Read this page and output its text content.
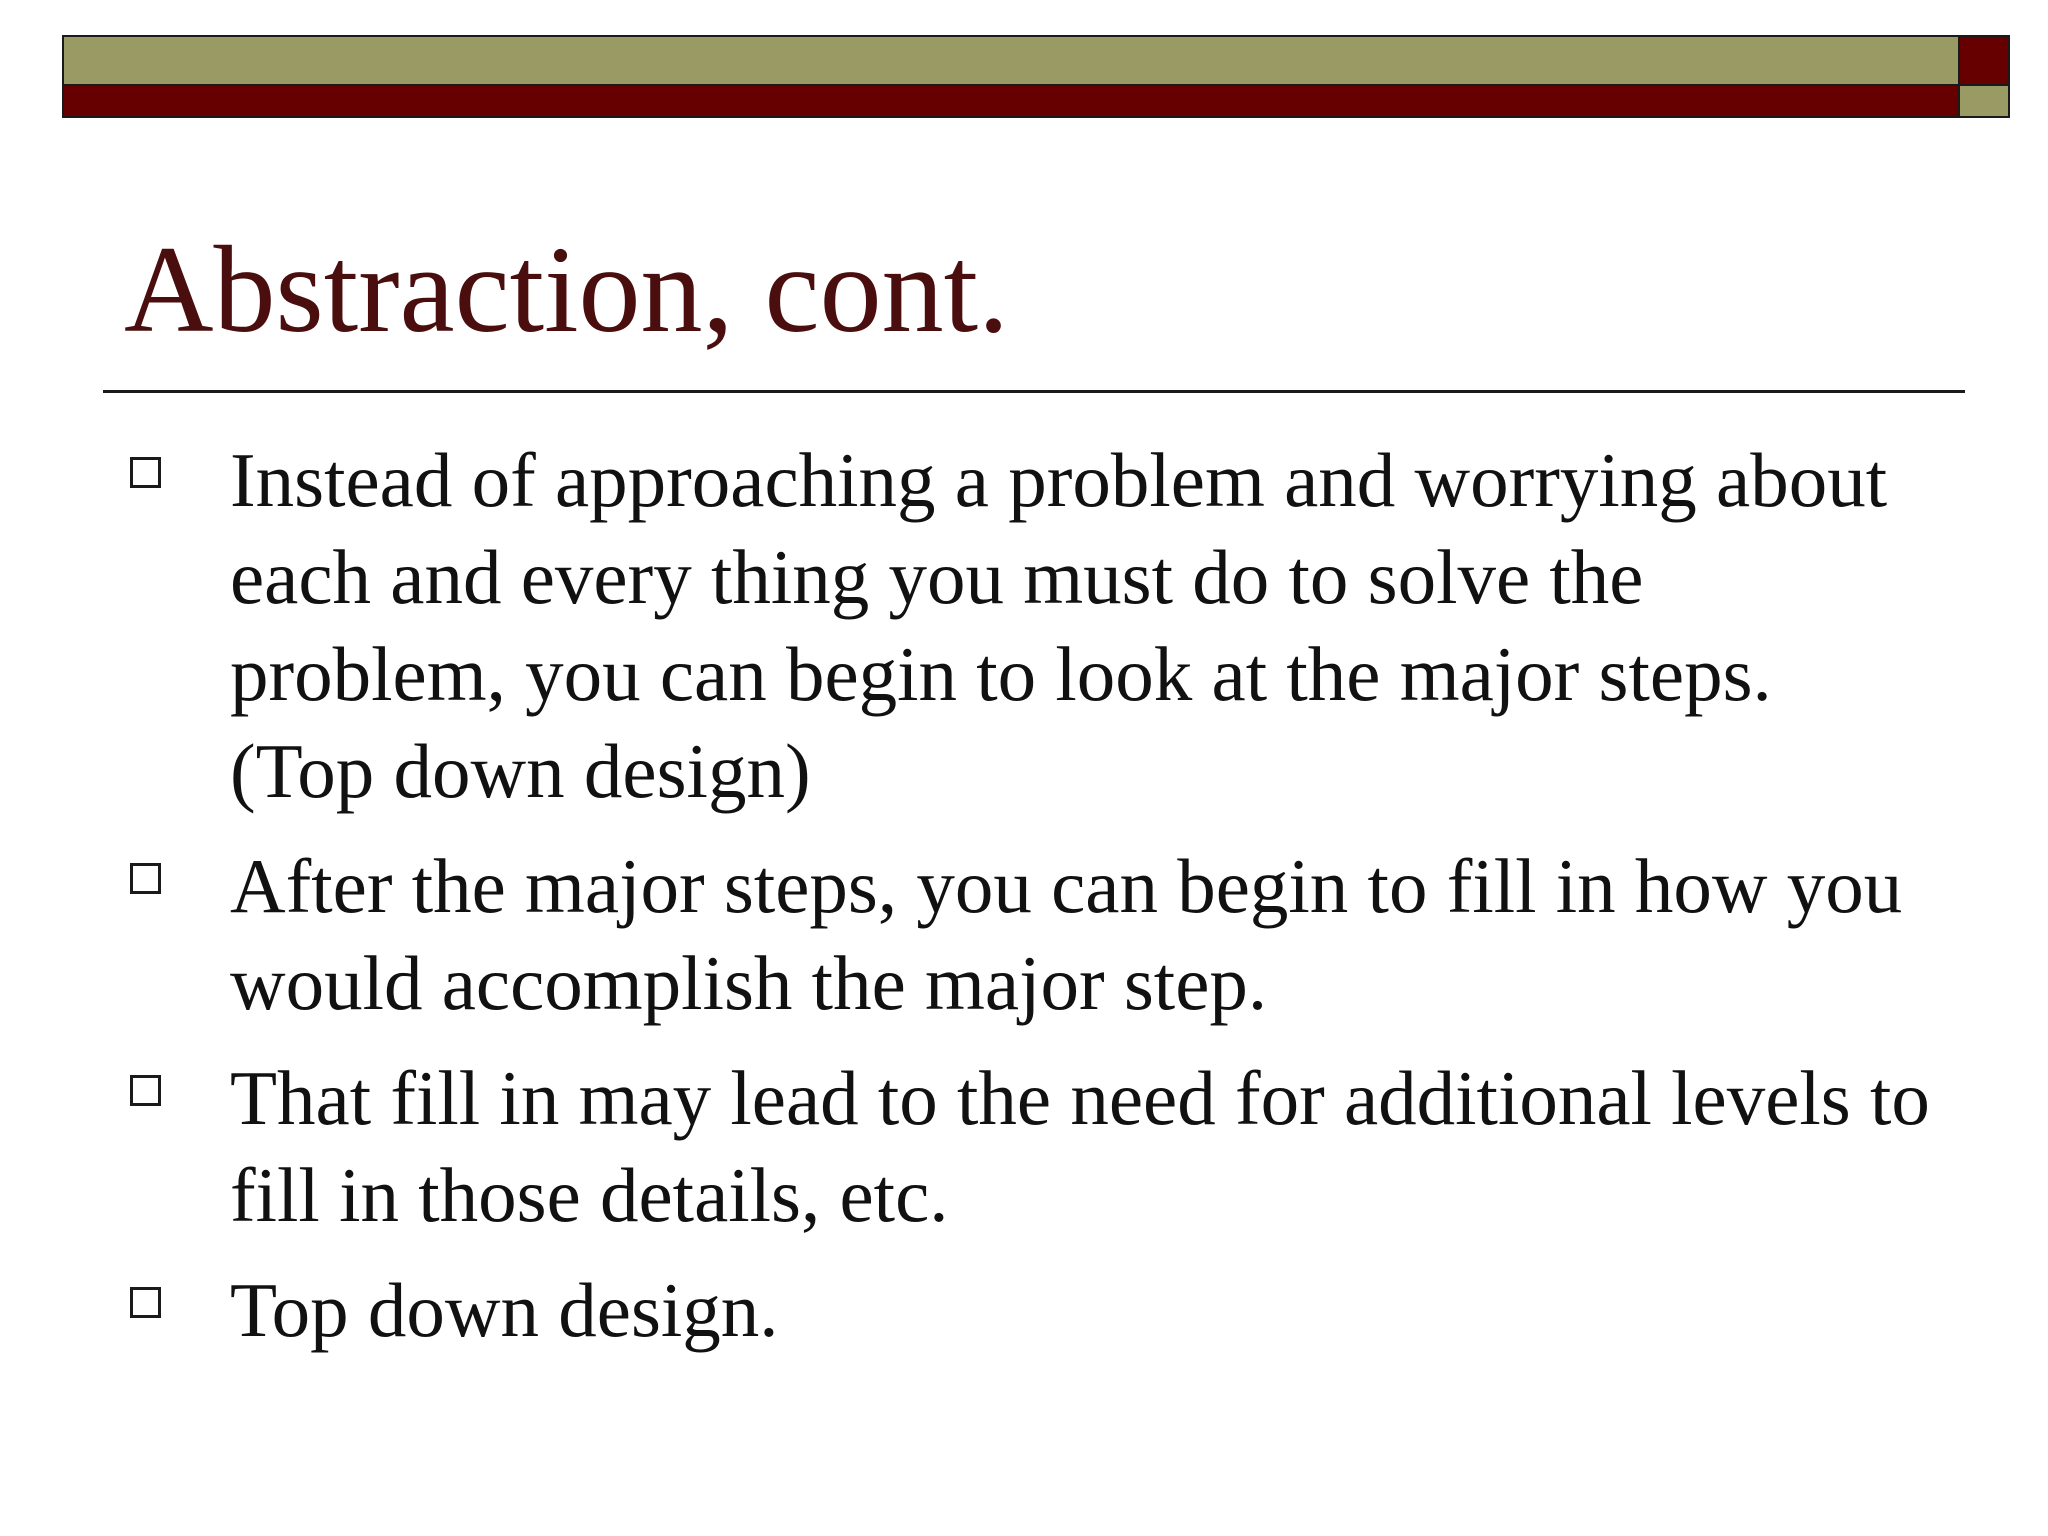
Abstraction, cont.
Instead of approaching a problem and worrying about each and every thing you must do to solve the problem, you can begin to look at the major steps. (Top down design)
After the major steps, you can begin to fill in how you would accomplish the major step.
That fill in may lead to the need for additional levels to fill in those details, etc.
Top down design.
